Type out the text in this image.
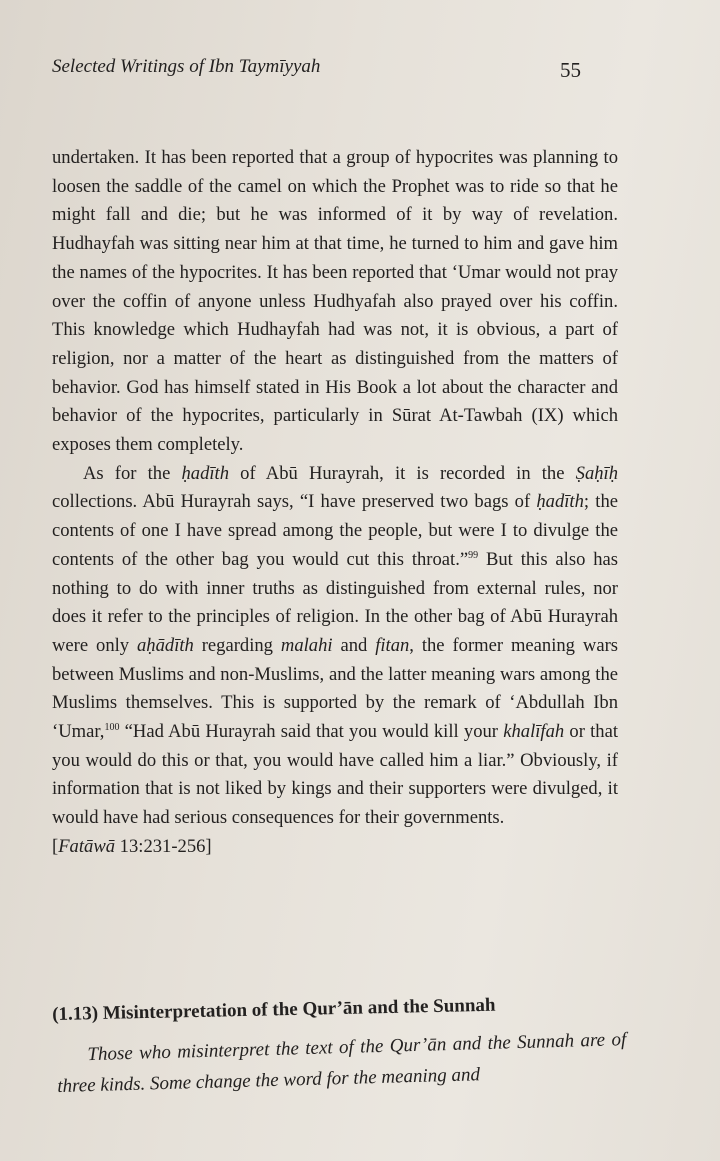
Selected Writings of Ibn Taymīyyah	55

undertaken. It has been reported that a group of hypocrites was planning to loosen the saddle of the camel on which the Prophet was to ride so that he might fall and die; but he was informed of it by way of revelation. Hudhayfah was sitting near him at that time, he turned to him and gave him the names of the hypocrites. It has been reported that ‘Umar would not pray over the coffin of anyone unless Hudhyafah also prayed over his coffin. This knowledge which Hudhayfah had was not, it is obvious, a part of religion, nor a matter of the heart as distinguished from the matters of behavior. God has himself stated in His Book a lot about the character and behavior of the hypocrites, particularly in Sūrat At-Tawbah (IX) which exposes them completely.

As for the ḥadīth of Abū Hurayrah, it is recorded in the Ṣaḥīḥ collections. Abū Hurayrah says, “I have preserved two bags of ḥadīth; the contents of one I have spread among the people, but were I to divulge the contents of the other bag you would cut this throat.”$^{99}$ But this also has nothing to do with inner truths as distinguished from external rules, nor does it refer to the principles of religion. In the other bag of Abū Hurayrah were only aḥādīth regarding malahi and fitan, the former meaning wars between Muslims and non-Muslims, and the latter meaning wars among the Muslims themselves. This is supported by the remark of ‘Abdullah Ibn ‘Umar,$^{100}$ “Had Abū Hurayrah said that you would kill your khalīfah or that you would do this or that, you would have called him a liar.” Obviously, if information that is not liked by kings and their supporters were divulged, it would have had serious consequences for their governments.

[Fatāwā 13:231-256]

(1.13) Misinterpretation of the Qur’ān and the Sunnah

Those who misinterpret the text of the Qur’ān and the Sunnah are of three kinds. Some change the word for the meaning and
